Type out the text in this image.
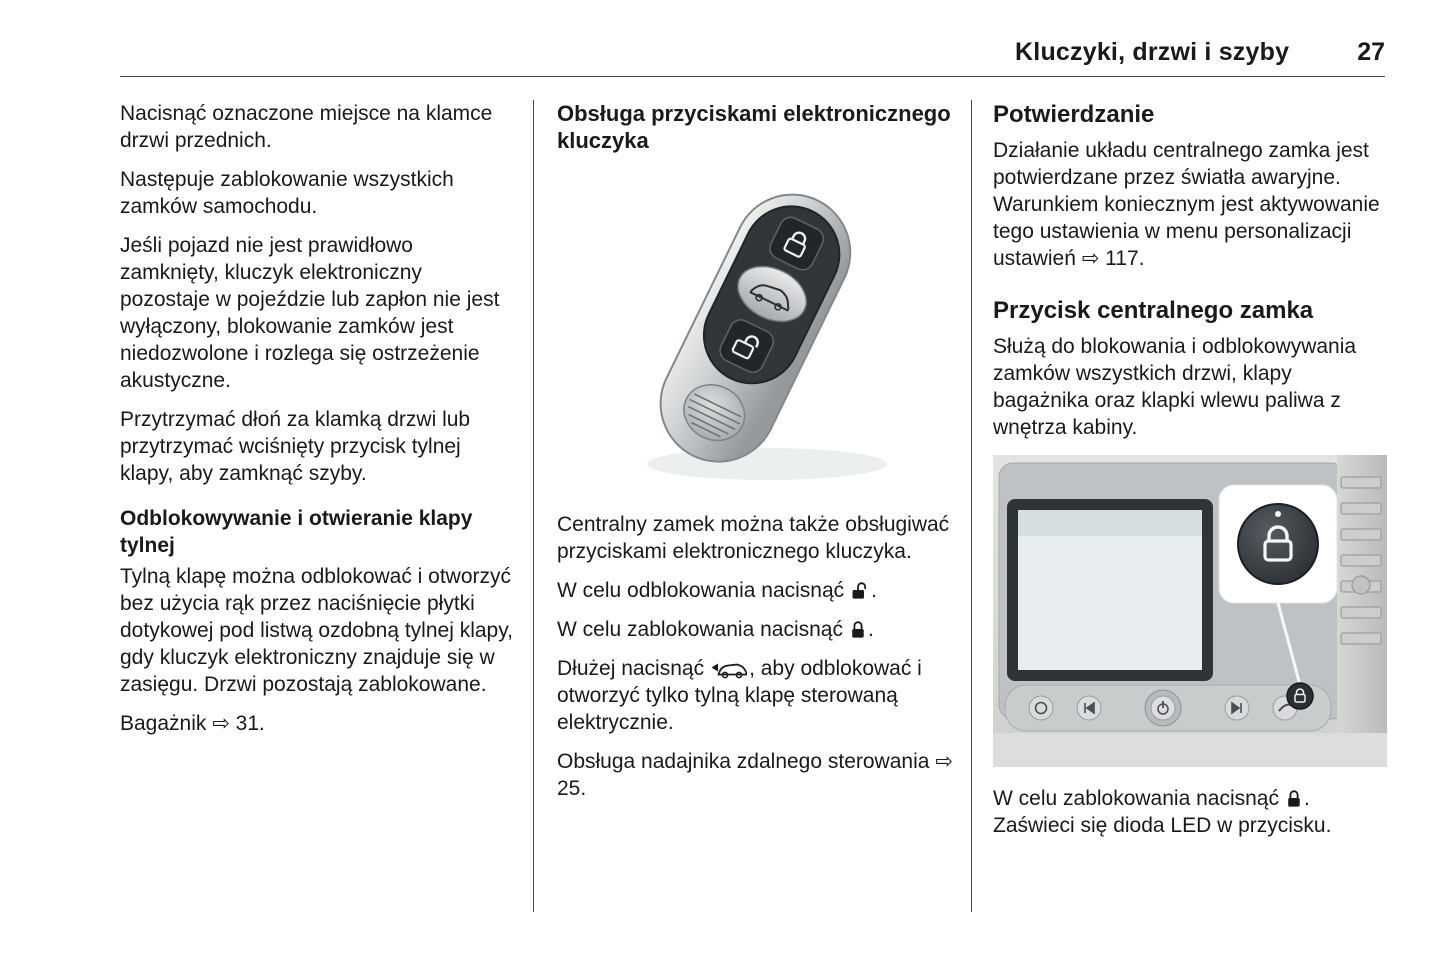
Kluczyki, drzwi i szyby	27

Nacisnąć oznaczone miejsce na klamce drzwi przednich.

Następuje zablokowanie wszystkich zamków samochodu.

Jeśli pojazd nie jest prawidłowo zamknięty, kluczyk elektroniczny pozostaje w pojeździe lub zapłon nie jest wyłączony, blokowanie zamków jest niedozwolone i rozlega się ostrzeżenie akustyczne.

Przytrzymać dłoń za klamką drzwi lub przytrzymać wciśnięty przycisk tylnej klapy, aby zamknąć szyby.

Odblokowywanie i otwieranie klapy tylnej

Tylną klapę można odblokować i otworzyć bez użycia rąk przez naciśnięcie płytki dotykowej pod listwą ozdobną tylnej klapy, gdy kluczyk elektroniczny znajduje się w zasięgu. Drzwi pozostają zablokowane.

Bagażnik ⇨ 31.

Obsługa przyciskami elektronicznego kluczyka

Centralny zamek można także obsługiwać przyciskami elektronicznego kluczyka.

W celu odblokowania nacisnąć .

W celu zablokowania nacisnąć .

Dłużej nacisnąć , aby odblokować i otworzyć tylko tylną klapę sterowaną elektrycznie.

Obsługa nadajnika zdalnego sterowania ⇨ 25.

Potwierdzanie

Działanie układu centralnego zamka jest potwierdzane przez światła awaryjne. Warunkiem koniecznym jest aktywowanie tego ustawienia w menu personalizacji ustawień ⇨ 117.

Przycisk centralnego zamka

Służą do blokowania i odblokowywania zamków wszystkich drzwi, klapy bagażnika oraz klapki wlewu paliwa z wnętrza kabiny.

W celu zablokowania nacisnąć . Zaświeci się dioda LED w przycisku.
